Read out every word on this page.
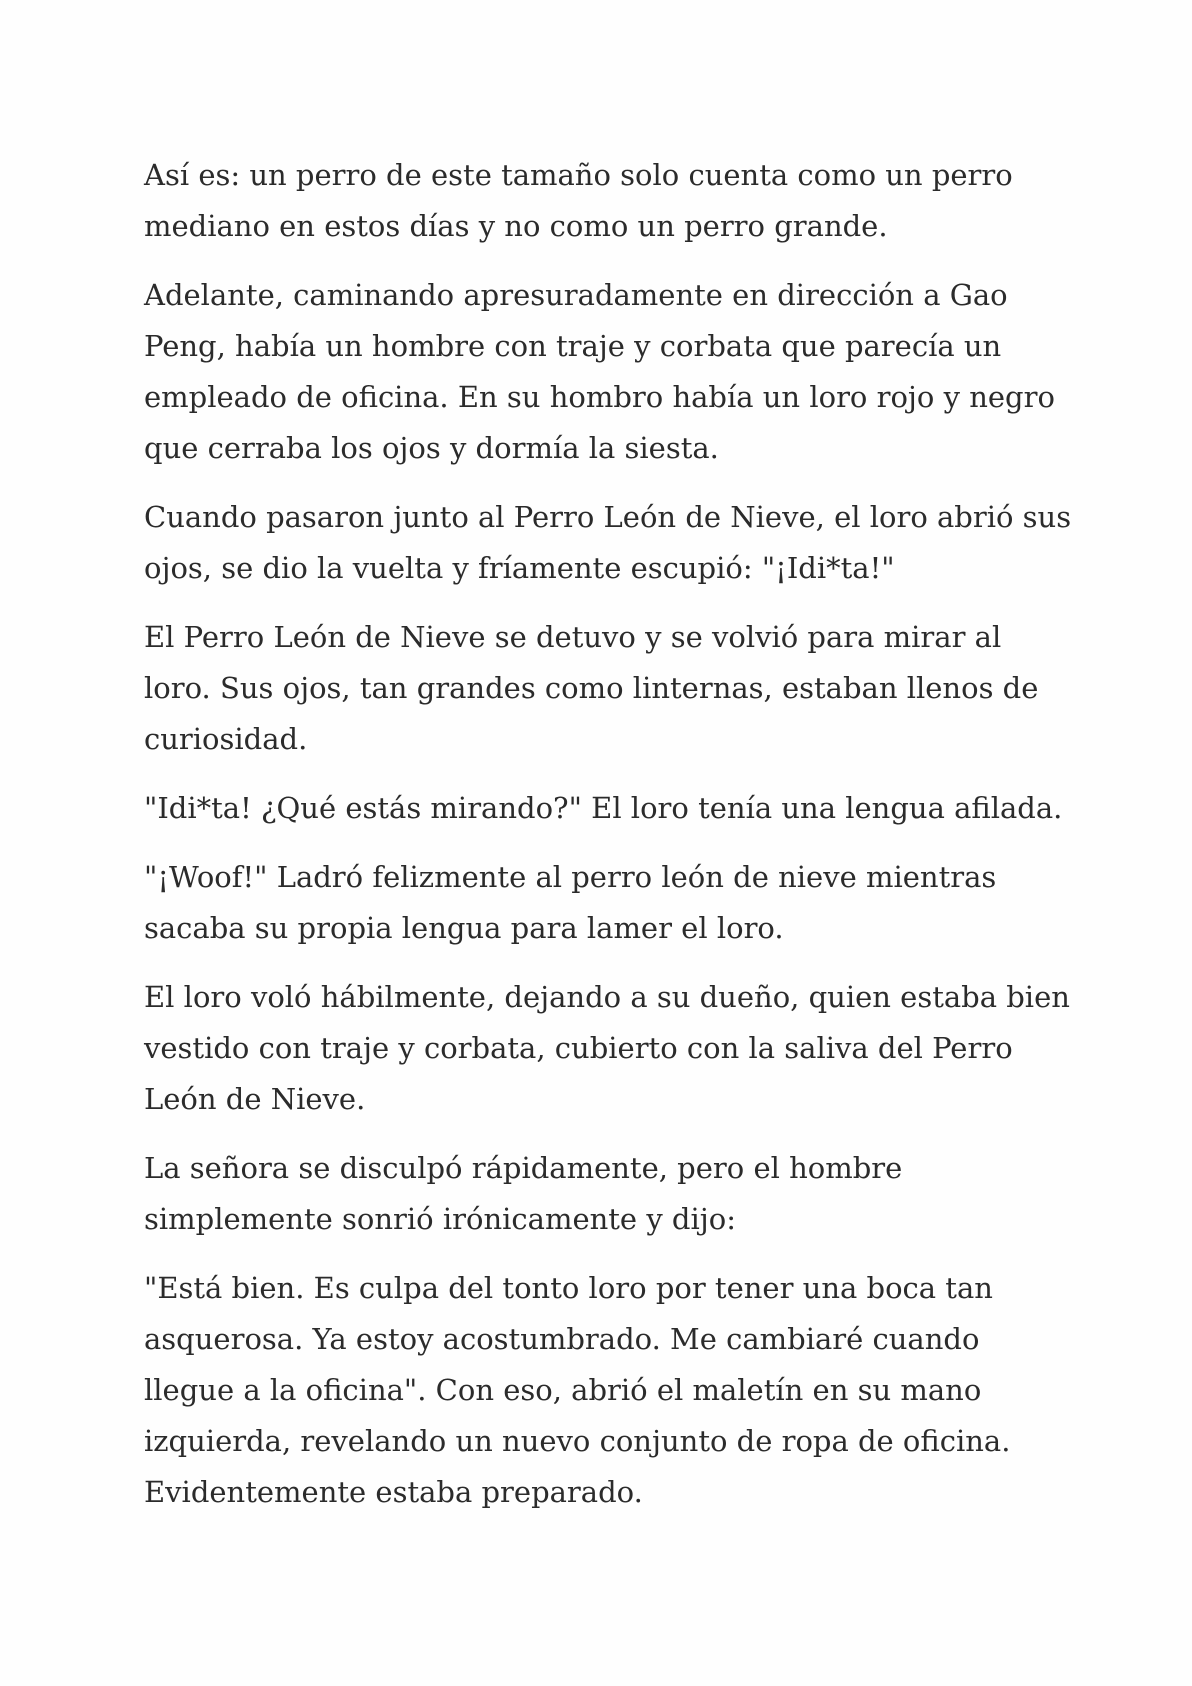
Así es: un perro de este tamaño solo cuenta como un perro mediano en estos días y no como un perro grande.

Adelante, caminando apresuradamente en dirección a Gao Peng, había un hombre con traje y corbata que parecía un empleado de oficina. En su hombro había un loro rojo y negro que cerraba los ojos y dormía la siesta.

Cuando pasaron junto al Perro León de Nieve, el loro abrió sus ojos, se dio la vuelta y fríamente escupió: "¡Idi*ta!"

El Perro León de Nieve se detuvo y se volvió para mirar al loro. Sus ojos, tan grandes como linternas, estaban llenos de curiosidad.

"Idi*ta! ¿Qué estás mirando?" El loro tenía una lengua afilada.

"¡Woof!" Ladró felizmente al perro león de nieve mientras sacaba su propia lengua para lamer el loro.

El loro voló hábilmente, dejando a su dueño, quien estaba bien vestido con traje y corbata, cubierto con la saliva del Perro León de Nieve.

La señora se disculpó rápidamente, pero el hombre simplemente sonrió irónicamente y dijo:

"Está bien. Es culpa del tonto loro por tener una boca tan asquerosa. Ya estoy acostumbrado. Me cambiaré cuando llegue a la oficina". Con eso, abrió el maletín en su mano izquierda, revelando un nuevo conjunto de ropa de oficina. Evidentemente estaba preparado.
